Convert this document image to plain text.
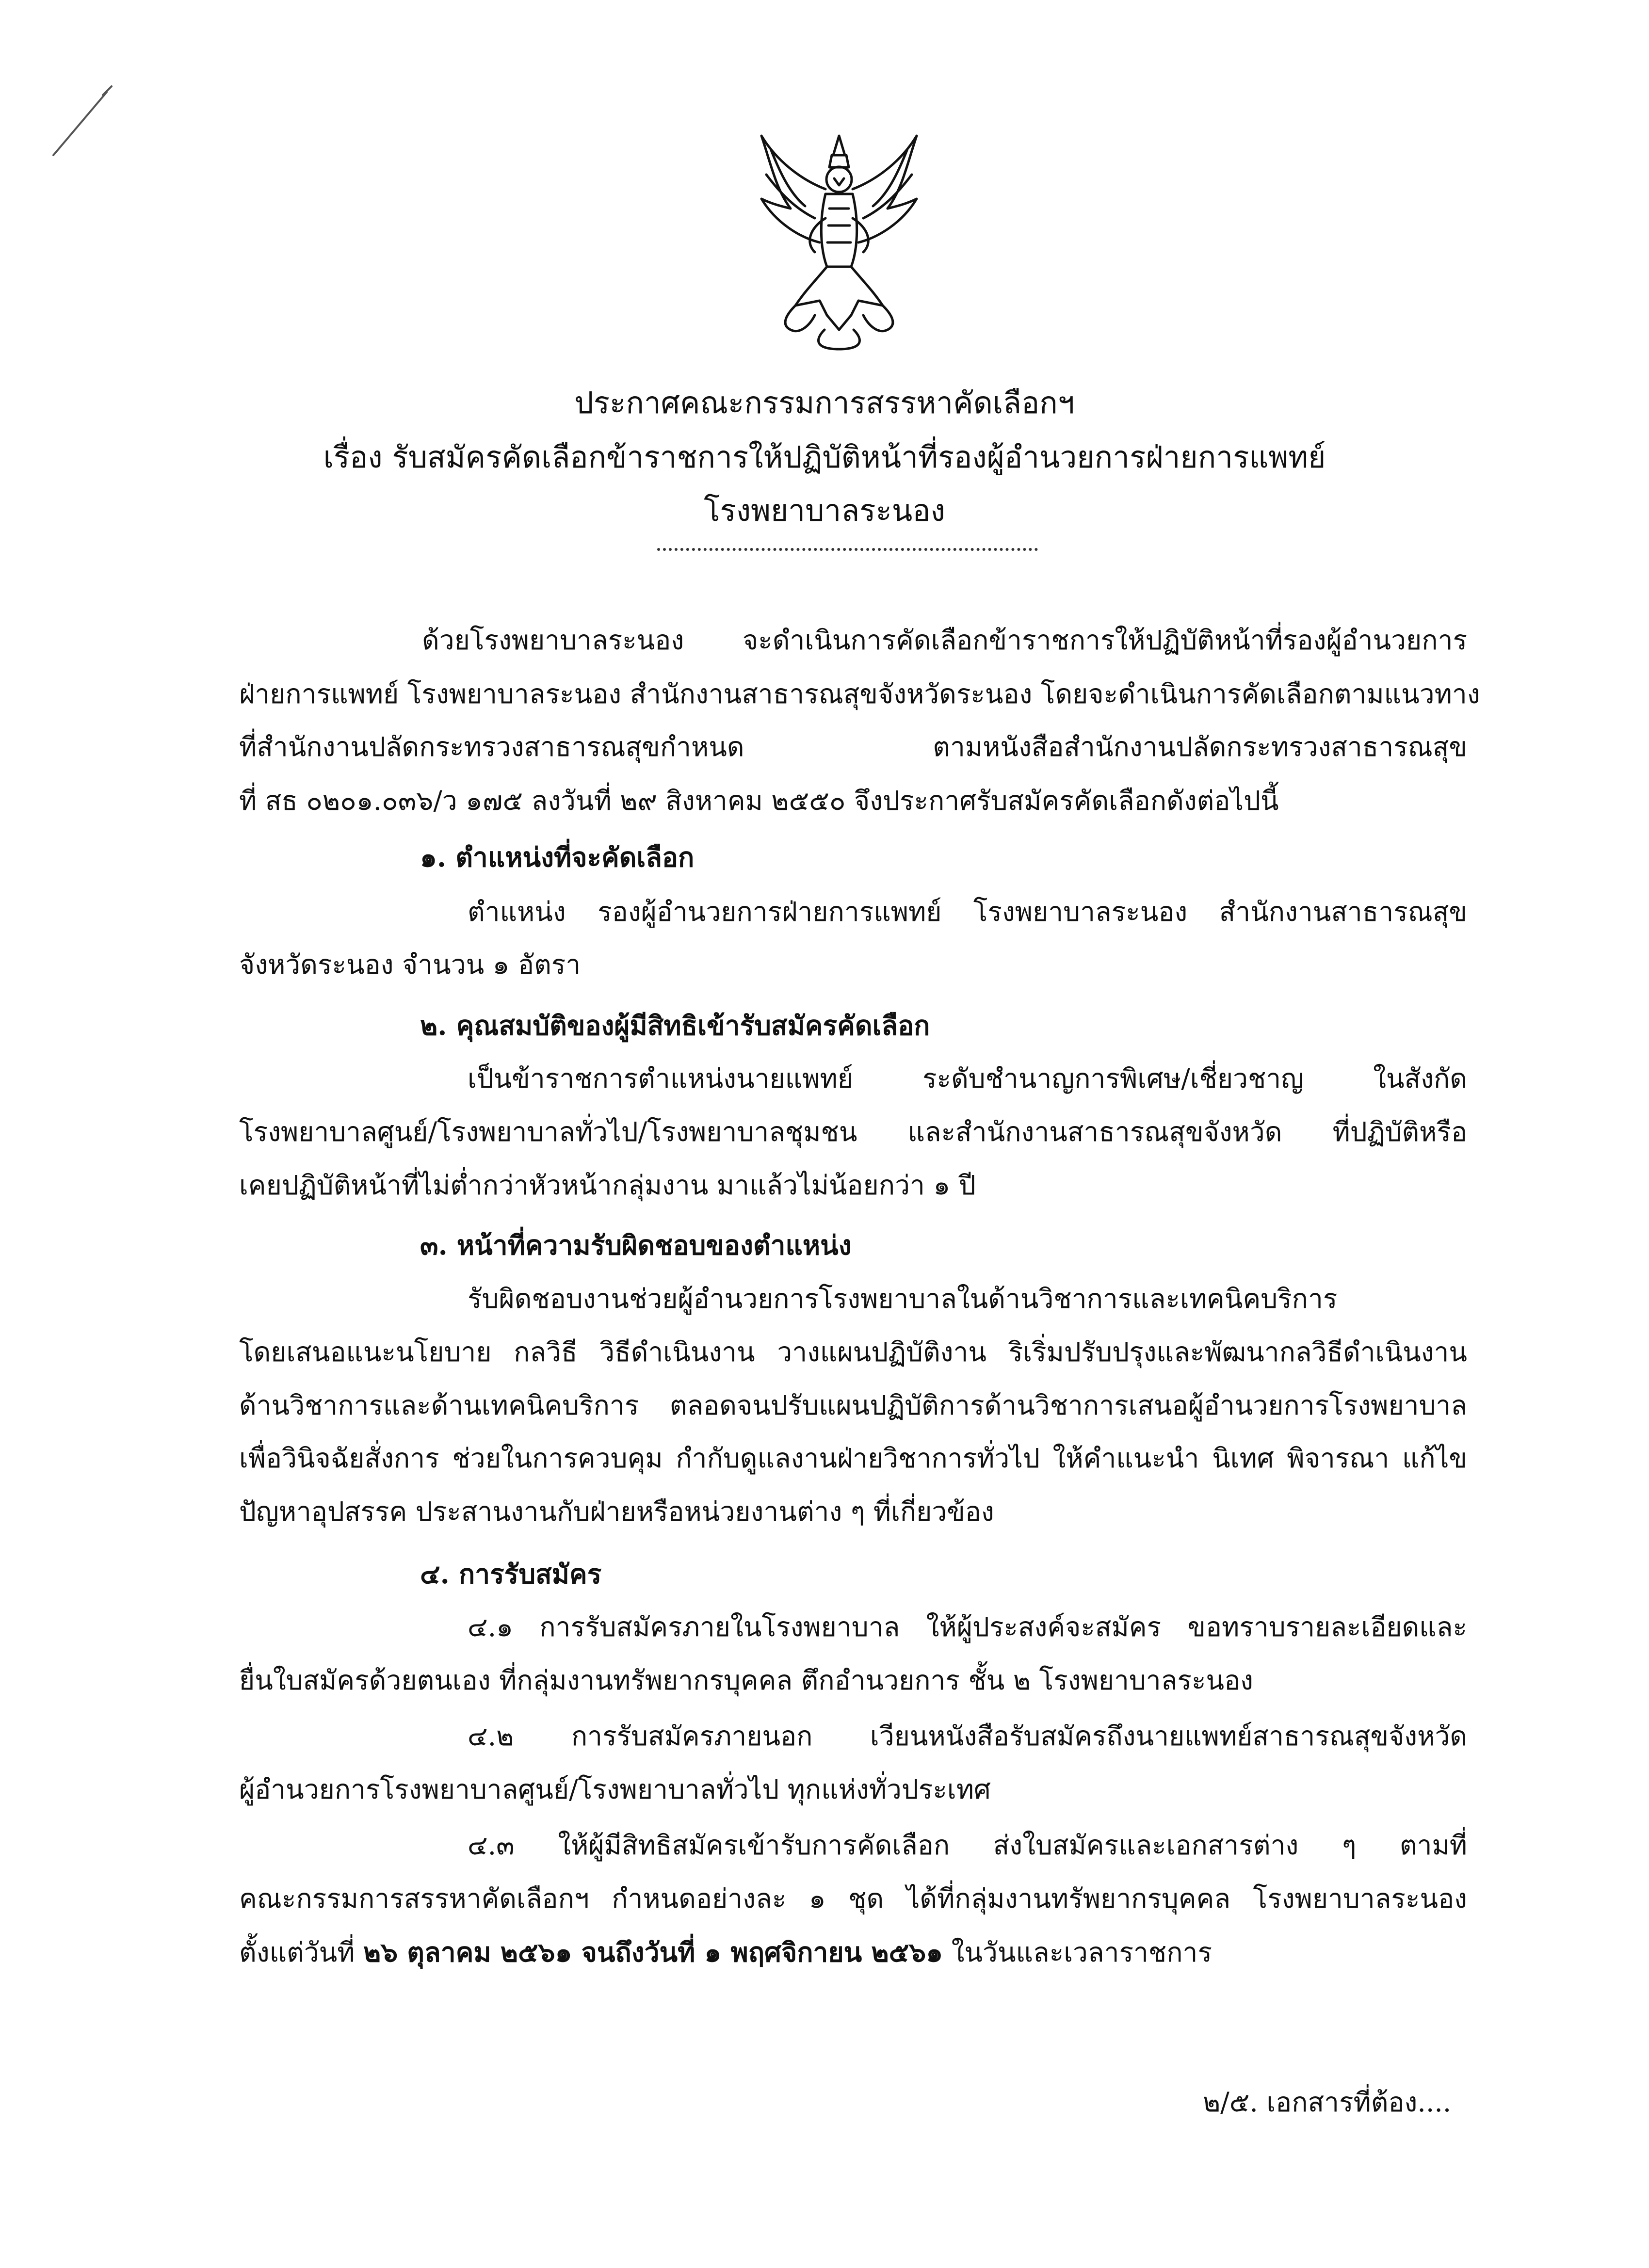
ประกาศคณะกรรมการสรรหาคัดเลือกฯ
เรื่อง รับสมัครคัดเลือกข้าราชการให้ปฏิบัติหน้าที่รองผู้อำนวยการฝ่ายการแพทย์
โรงพยาบาลระนอง
ด้วยโรงพยาบาลระนอง จะดำเนินการคัดเลือกข้าราชการให้ปฏิบัติหน้าที่รองผู้อำนวยการ
ฝ่ายการแพทย์ โรงพยาบาลระนอง สำนักงานสาธารณสุขจังหวัดระนอง โดยจะดำเนินการคัดเลือกตามแนวทาง
ที่สำนักงานปลัดกระทรวงสาธารณสุขกำหนด ตามหนังสือสำนักงานปลัดกระทรวงสาธารณสุข
ที่ สธ ๐๒๐๑.๐๓๖/ว ๑๗๕ ลงวันที่ ๒๙ สิงหาคม ๒๕๕๐ จึงประกาศรับสมัครคัดเลือกดังต่อไปนี้
๑. ตำแหน่งที่จะคัดเลือก
ตำแหน่ง รองผู้อำนวยการฝ่ายการแพทย์ โรงพยาบาลระนอง สำนักงานสาธารณสุข
จังหวัดระนอง จำนวน ๑ อัตรา
๒. คุณสมบัติของผู้มีสิทธิเข้ารับสมัครคัดเลือก
เป็นข้าราชการตำแหน่งนายแพทย์ ระดับชำนาญการพิเศษ/เชี่ยวชาญ ในสังกัด
โรงพยาบาลศูนย์/โรงพยาบาลทั่วไป/โรงพยาบาลชุมชน และสำนักงานสาธารณสุขจังหวัด ที่ปฏิบัติหรือ
เคยปฏิบัติหน้าที่ไม่ต่ำกว่าหัวหน้ากลุ่มงาน มาแล้วไม่น้อยกว่า ๑ ปี
๓. หน้าที่ความรับผิดชอบของตำแหน่ง
รับผิดชอบงานช่วยผู้อำนวยการโรงพยาบาลในด้านวิชาการและเทคนิคบริการ
โดยเสนอแนะนโยบาย กลวิธี วิธีดำเนินงาน วางแผนปฏิบัติงาน ริเริ่มปรับปรุงและพัฒนากลวิธีดำเนินงาน
ด้านวิชาการและด้านเทคนิคบริการ ตลอดจนปรับแผนปฏิบัติการด้านวิชาการเสนอผู้อำนวยการโรงพยาบาล
เพื่อวินิจฉัยสั่งการ ช่วยในการควบคุม กำกับดูแลงานฝ่ายวิชาการทั่วไป ให้คำแนะนำ นิเทศ พิจารณา แก้ไข
ปัญหาอุปสรรค ประสานงานกับฝ่ายหรือหน่วยงานต่าง ๆ ที่เกี่ยวข้อง
๔. การรับสมัคร
๔.๑ การรับสมัครภายในโรงพยาบาล ให้ผู้ประสงค์จะสมัคร ขอทราบรายละเอียดและ
ยื่นใบสมัครด้วยตนเอง ที่กลุ่มงานทรัพยากรบุคคล ตึกอำนวยการ ชั้น ๒ โรงพยาบาลระนอง
๔.๒ การรับสมัครภายนอก เวียนหนังสือรับสมัครถึงนายแพทย์สาธารณสุขจังหวัด
ผู้อำนวยการโรงพยาบาลศูนย์/โรงพยาบาลทั่วไป ทุกแห่งทั่วประเทศ
๔.๓ ให้ผู้มีสิทธิสมัครเข้ารับการคัดเลือก ส่งใบสมัครและเอกสารต่าง ๆ ตามที่
คณะกรรมการสรรหาคัดเลือกฯ กำหนดอย่างละ ๑ ชุด ได้ที่กลุ่มงานทรัพยากรบุคคล โรงพยาบาลระนอง
ตั้งแต่วันที่ ๒๖ ตุลาคม ๒๕๖๑ จนถึงวันที่ ๑ พฤศจิกายน ๒๕๖๑ ในวันและเวลาราชการ
๒/๕. เอกสารที่ต้อง....
